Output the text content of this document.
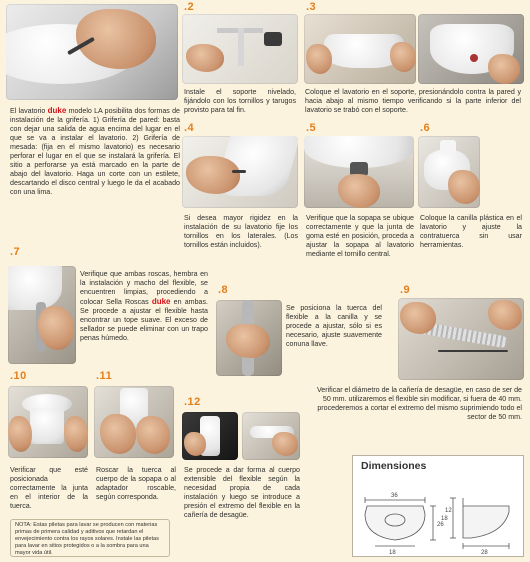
El lavatorio duke modelo LA posibilita dos formas de instalación de la grifería. 1) Grifería de pared: basta con dejar una salida de agua encima del lugar en el que se va a instalar el lavatorio. 2) Grifería de mesada: (fija en el mismo lavatorio) es necesario perforar el lugar en el que se instalará la grifería. El sitio a perforarse ya está marcado en la parte de abajo del lavatorio. Haga un corte con un estilete, descartando el disco central y luego le da el acabado con una lima.
.2
Instale el soporte nivelado, fijándolo con los tornillos y tarugos provisto para tal fin.
.3
Coloque el lavatorio en el soporte, presionándolo contra la pared y hacia abajo al mismo tiempo verificando si la parte inferior del lavatorio se trabó con el soporte.
.4
Si desea mayor rigidez en la instalación de su lavatorio fije los tornillos en los laterales. (Los tornillos están incluidos).
.5
Verifique que la sopapa se ubique correctamente y que la junta de goma esté en posición, proceda a ajustar la sopapa al lavatorio mediante el tornillo central.
.6
Coloque la canilla plástica en el lavatorio y ajuste la contratuerca sin usar herramientas.
.7
Verifique que ambas roscas, hembra en la instalación y macho del flexible, se encuentren limpias, procediendo a colocar Sella Roscas duke en ambas. Se procede a ajustar el flexible hasta encontrar un tope suave. El exceso de sellador se puede eliminar con un trapo penas húmedo.
.8
Se posiciona la tuerca del flexible a la canilla y se procede a ajustar, sólo si es necesario, ajuste suavemente conuna llave.
.9
Verificar el diámetro de la cañería de desagüe, en caso de ser de 50 mm. utilizaremos el flexible sin modificar, si fuera de 40 mm. procederemos a cortar el extremo del mismo suprimiendo todo el sector de 50 mm.
.10
Verificar que esté posicionada correctamente la junta en el interior de la tuerca.
.11
Roscar la tuerca al cuerpo de la sopapa o al adaptador roscable, según corresponda.
.12
Se procede a dar forma al cuerpo extensible del flexible según la necesidad propia de cada instalación y luego se introduce a presión el extremo del flexible en la cañería de desagüe.
NOTA: Estas piletas para lavar se producen con materias primas de primera calidad y aditivos que retardan el envejecimiento contra los rayos solares. Instale las piletas para lavar en sitios protegidos o a la sombra para una mayor vida útil.
Dimensiones
36
26
18
12
18	28
